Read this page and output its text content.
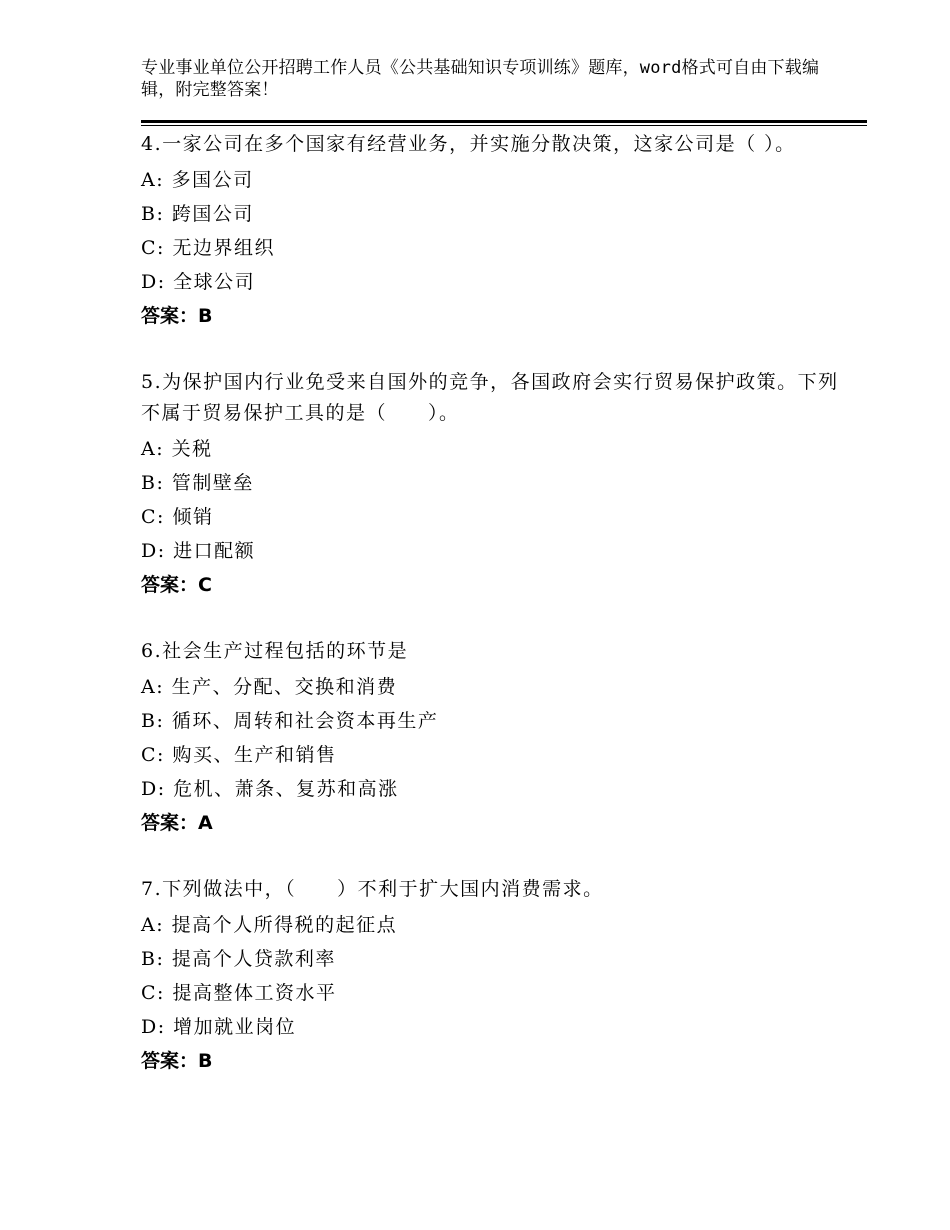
专业事业单位公开招聘工作人员《公共基础知识专项训练》题库，word格式可自由下载编辑，附完整答案！
4.一家公司在多个国家有经营业务，并实施分散决策，这家公司是（ ）。
A: 多国公司
B: 跨国公司
C: 无边界组织
D: 全球公司
答案：B
5.为保护国内行业免受来自国外的竞争，各国政府会实行贸易保护政策。下列不属于贸易保护工具的是（　　）。
A: 关税
B: 管制壁垒
C: 倾销
D: 进口配额
答案：C
6.社会生产过程包括的环节是
A: 生产、分配、交换和消费
B: 循环、周转和社会资本再生产
C: 购买、生产和销售
D: 危机、萧条、复苏和高涨
答案：A
7.下列做法中，（　　）不利于扩大国内消费需求。
A: 提高个人所得税的起征点
B: 提高个人贷款利率
C: 提高整体工资水平
D: 增加就业岗位
答案：B
